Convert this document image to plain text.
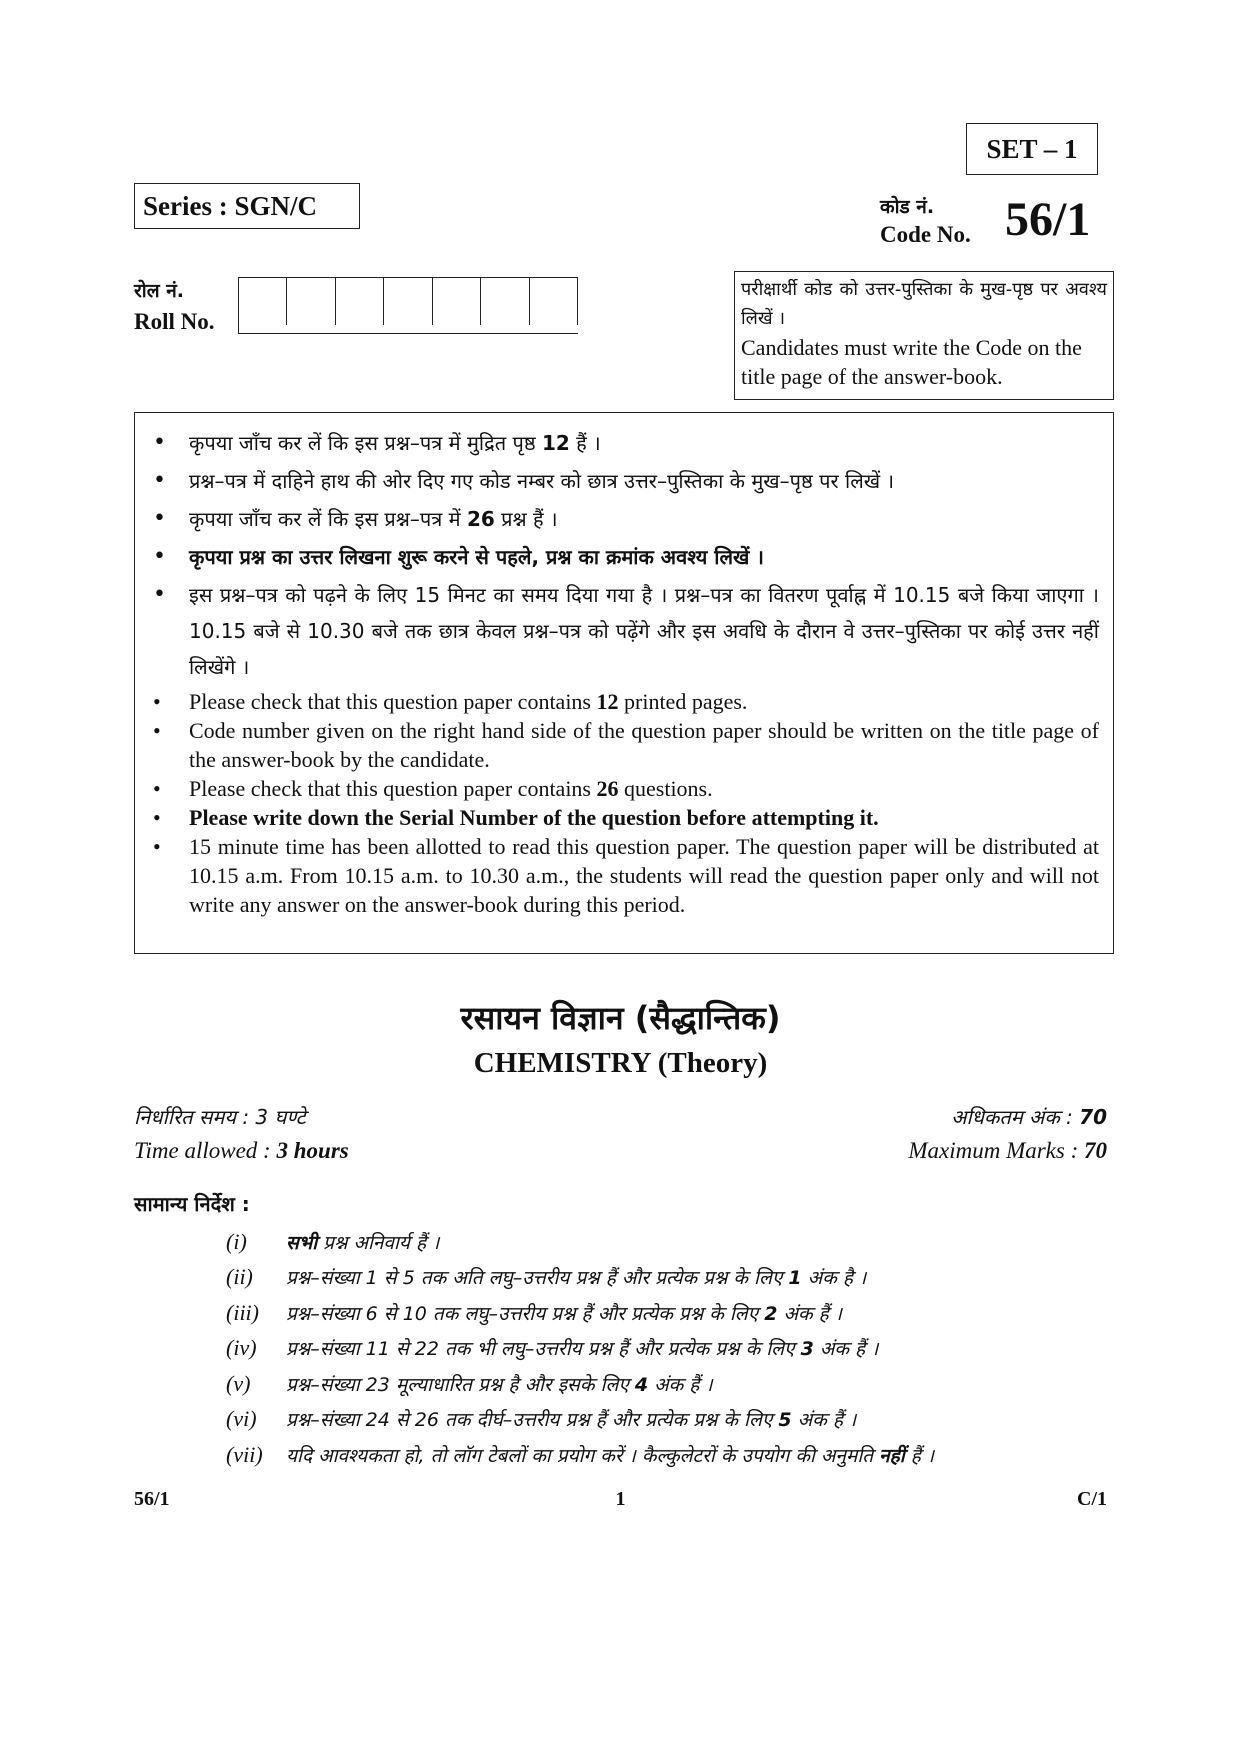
SET – 1
Series : SGN/C	कोड नं.
Code No. 56/1
रोल नं.
Roll No.
परीक्षार्थी कोड को उत्तर-पुस्तिका के मुख-पृष्ठ पर अवश्य लिखें ।
Candidates must write the Code on the title page of the answer-book.
• कृपया जाँच कर लें कि इस प्रश्न–पत्र में मुद्रित पृष्ठ 12 हैं ।
• प्रश्न–पत्र में दाहिने हाथ की ओर दिए गए कोड नम्बर को छात्र उत्तर–पुस्तिका के मुख–पृष्ठ पर लिखें ।
• कृपया जाँच कर लें कि इस प्रश्न–पत्र में 26 प्रश्न हैं ।
• कृपया प्रश्न का उत्तर लिखना शुरू करने से पहले, प्रश्न का क्रमांक अवश्य लिखें ।
• इस प्रश्न–पत्र को पढ़ने के लिए 15 मिनट का समय दिया गया है । प्रश्न–पत्र का वितरण पूर्वाह्न में 10.15 बजे किया जाएगा । 10.15 बजे से 10.30 बजे तक छात्र केवल प्रश्न–पत्र को पढ़ेंगे और इस अवधि के दौरान वे उत्तर–पुस्तिका पर कोई उत्तर नहीं लिखेंगे ।
• Please check that this question paper contains 12 printed pages.
• Code number given on the right hand side of the question paper should be written on the title page of the answer-book by the candidate.
• Please check that this question paper contains 26 questions.
• Please write down the Serial Number of the question before attempting it.
• 15 minute time has been allotted to read this question paper. The question paper will be distributed at 10.15 a.m. From 10.15 a.m. to 10.30 a.m., the students will read the question paper only and will not write any answer on the answer-book during this period.
रसायन विज्ञान (सैद्धान्तिक)
CHEMISTRY (Theory)
निर्धारित समय : 3 घण्टे
Time allowed : 3 hours
अधिकतम अंक : 70
Maximum Marks : 70
सामान्य निर्देश :
(i)	सभी प्रश्न अनिवार्य हैं ।
(ii)	प्रश्न–संख्या 1 से 5 तक अति लघु–उत्तरीय प्रश्न हैं और प्रत्येक प्रश्न के लिए 1 अंक है ।
(iii)	प्रश्न–संख्या 6 से 10 तक लघु–उत्तरीय प्रश्न हैं और प्रत्येक प्रश्न के लिए 2 अंक हैं ।
(iv)	प्रश्न–संख्या 11 से 22 तक भी लघु–उत्तरीय प्रश्न हैं और प्रत्येक प्रश्न के लिए 3 अंक हैं ।
(v)	प्रश्न–संख्या 23 मूल्याधारित प्रश्न है और इसके लिए 4 अंक हैं ।
(vi)	प्रश्न–संख्या 24 से 26 तक दीर्घ–उत्तरीय प्रश्न हैं और प्रत्येक प्रश्न के लिए 5 अंक हैं ।
(vii)	यदि आवश्यकता हो, तो लॉग टेबलों का प्रयोग करें । कैल्कुलेटरों के उपयोग की अनुमति नहीं हैं ।
56/1	1	C/1
